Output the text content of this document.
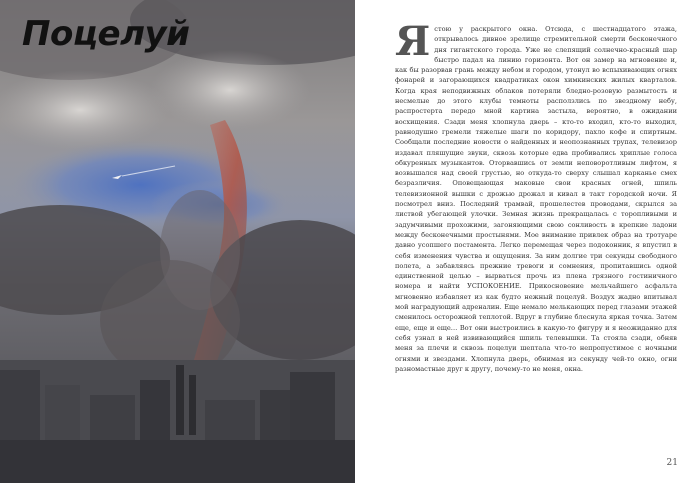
Поцелуй	Ястою у раскрытого окна. Отсюда, с шестнадцатого этажа, открывалось дивное зрелище стремительной смерти бесконечного дня гигантского города. Уже не слепящий солнечно-красный шар быстро падал на линию горизонта. Вот он замер на мгновение и, как бы разорвав грань между небом и городом, утонул во вспыхивающих огнях фонарей и загорающихся квадратиках окон химкинских жилых кварталов. Когда края неподвижных облаков потеряли бледно-розовую размытость и несмелые до этого клубы темноты расползлись по звездному небу, распростерта передо мной картина застыла, вероятно, в ожидании восхищения. Сзади меня хлопнула дверь – кто-то входил, кто-то выходил, равнодушно гремели тяжелые шаги по коридору, пахло кофе и спиртным. Сообщали последние новости о найденных и неопознанных трупах, телевизор издавал пляшущие звуки, сквозь которые едва пробивались хриплые голоса обкуренных музыкантов. Оторвавшись от земли неповоротливым лифтом, я возвышался над своей грустью, но откуда-то сверху слышал карканье смех безразличия. Оповещающая маковые свои красных огней, шпиль телевизионной вышки с дрожью дрожал и кивал в такт городской ночи. Я посмотрел вниз. Последний трамвай, прошелестев проводами, скрылся за листвой убегающей улочки. Земная жизнь прекращалась с торопливыми и задумчивыми прохожими, загоняющими свою сонливость в крепкие ладони между бесконечными простынями. Мое внимание привлек образ на тротуаре давно усопшего постамента. Легко перемещая через подоконник, я впустил в себя изменения чувства и ощущения. За ним долгие три секунды свободного полета, а забавляясь прежние тревоги и сомнения, пропитавшись одной единственной целью – вырваться прочь из плена грязного гостиничного номера и найти УСПОКОЕНИЕ. Прикосновение мельчайшего асфальта мгновенно избавляет из как будто нежный поцелуй. Воздух жадно впитывал мой наградующий адреналин. Еще немало мелькающих перед глазами этажей сменилось осторожной теплотой. Вдруг в глубине блеснула яркая точка. Затем еще, еще и еще… Вот они выстроились в какую-то фигуру и я неожиданно для себя узнал в ней извивающийся шпиль телевышки. Та стояла сзади, обняв меня за плечи и сквозь поцелуи шептала что-то непропустимое с ночными огнями и звездами. Хлопнула дверь, обнимая из секунду чей-то окно, огни разномастные друг к другу, почему-то не меня, окна.
21
